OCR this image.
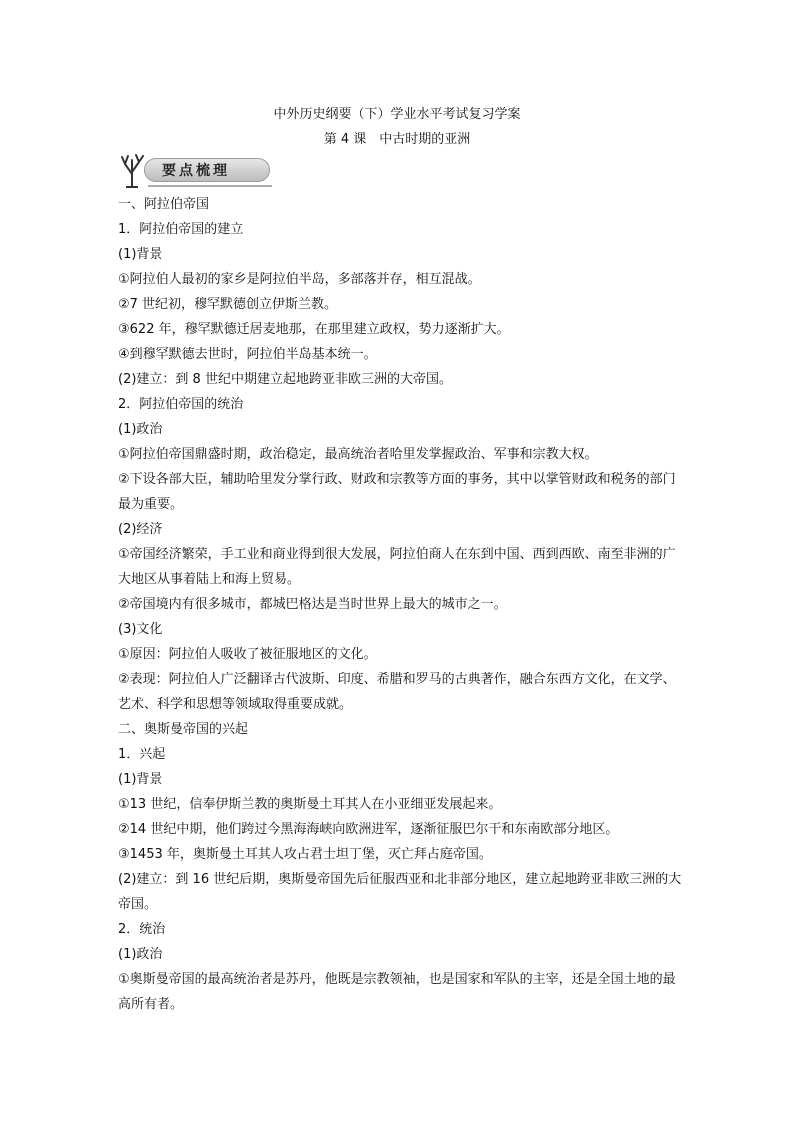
中外历史纲要（下）学业水平考试复习学案
第 4 课　中古时期的亚洲
要点梳理
一、阿拉伯帝国
1．阿拉伯帝国的建立
(1)背景
①阿拉伯人最初的家乡是阿拉伯半岛，多部落并存，相互混战。
②7 世纪初，穆罕默德创立伊斯兰教。
③622 年，穆罕默德迁居麦地那，在那里建立政权，势力逐渐扩大。
④到穆罕默德去世时，阿拉伯半岛基本统一。
(2)建立：到 8 世纪中期建立起地跨亚非欧三洲的大帝国。
2．阿拉伯帝国的统治
(1)政治
①阿拉伯帝国鼎盛时期，政治稳定，最高统治者哈里发掌握政治、军事和宗教大权。
②下设各部大臣，辅助哈里发分掌行政、财政和宗教等方面的事务，其中以掌管财政和税务的部门最为重要。
(2)经济
①帝国经济繁荣，手工业和商业得到很大发展，阿拉伯商人在东到中国、西到西欧、南至非洲的广大地区从事着陆上和海上贸易。
②帝国境内有很多城市，都城巴格达是当时世界上最大的城市之一。
(3)文化
①原因：阿拉伯人吸收了被征服地区的文化。
②表现：阿拉伯人广泛翻译古代波斯、印度、希腊和罗马的古典著作，融合东西方文化，在文学、艺术、科学和思想等领域取得重要成就。
二、奥斯曼帝国的兴起
1．兴起
(1)背景
①13 世纪，信奉伊斯兰教的奥斯曼土耳其人在小亚细亚发展起来。
②14 世纪中期，他们跨过今黑海海峡向欧洲进军，逐渐征服巴尔干和东南欧部分地区。
③1453 年，奥斯曼土耳其人攻占君士坦丁堡，灭亡拜占庭帝国。
(2)建立：到 16 世纪后期，奥斯曼帝国先后征服西亚和北非部分地区，建立起地跨亚非欧三洲的大帝国。
2．统治
(1)政治
①奥斯曼帝国的最高统治者是苏丹，他既是宗教领袖，也是国家和军队的主宰，还是全国土地的最高所有者。
